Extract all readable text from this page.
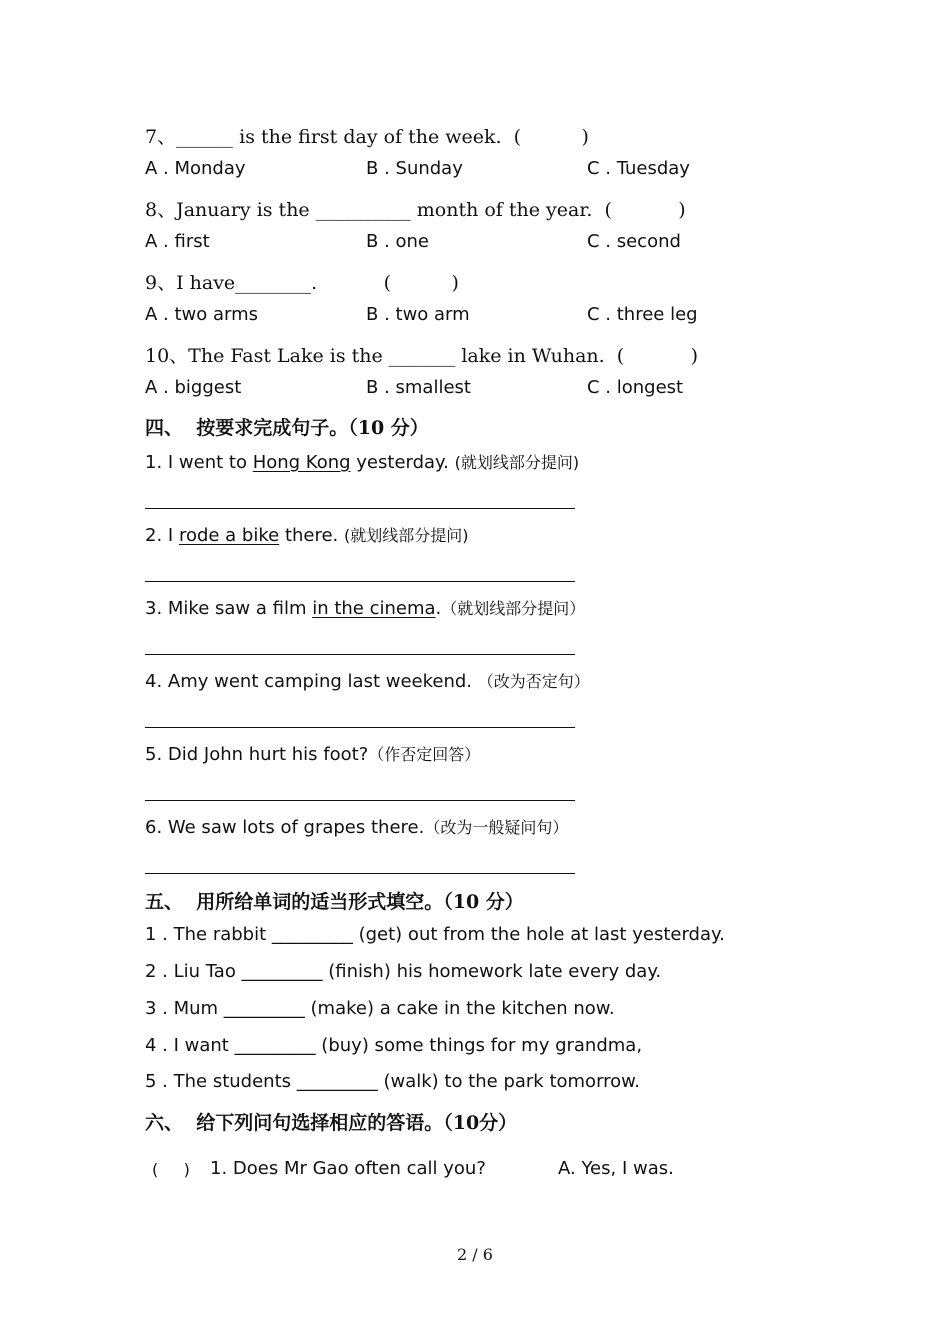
7、______ is the first day of the week.  (          )
A . Monday	B . Sunday	C . Tuesday
8、January is the __________ month of the year.  (           )
A . first	B . one	C . second
9、I have________.           (          )
A . two arms	B . two arm	C . three leg
10、The Fast Lake is the _______ lake in Wuhan.  (           )
A . biggest	B . smallest	C . longest
四、  按要求完成句子。（10 分）
1. I went to Hong Kong yesterday. (就划线部分提问)
2. I rode a bike there. (就划线部分提问)
3. Mike saw a film in the cinema.（就划线部分提问）
4. Amy went camping last weekend. （改为否定句）
5. Did John hurt his foot?（作否定回答）
6. We saw lots of grapes there.（改为一般疑问句）
五、  用所给单词的适当形式填空。（10 分）
1 . The rabbit _________ (get) out from the hole at last yesterday.
2 . Liu Tao _________ (finish) his homework late every day.
3 . Mum _________ (make) a cake in the kitchen now.
4 . I want _________ (buy) some things for my grandma,
5 . The students _________ (walk) to the park tomorrow.
六、  给下列问句选择相应的答语。（10分）
(     ) 1. Does Mr Gao often call you?	A. Yes, I was.
2 / 6
